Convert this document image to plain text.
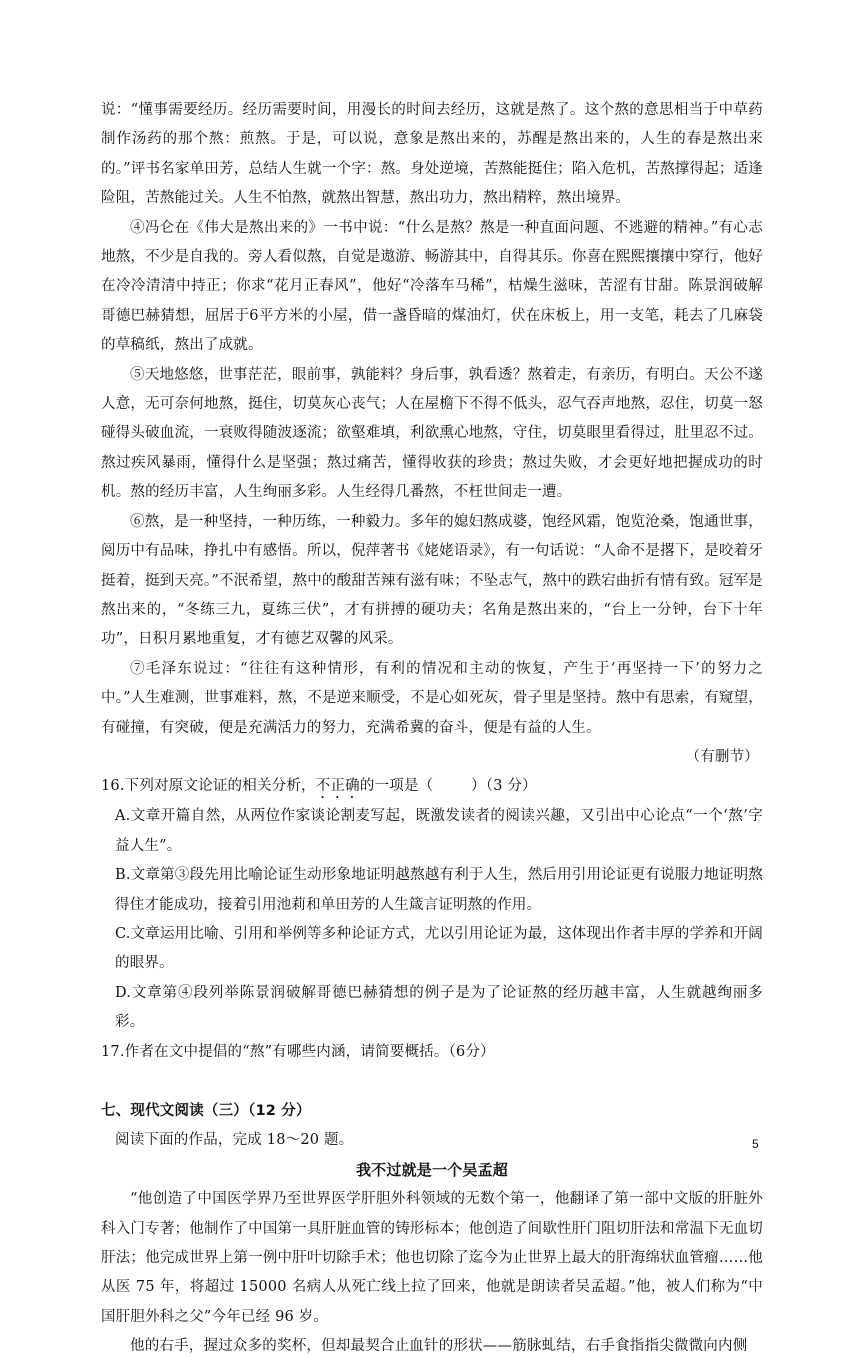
说：“懂事需要经历。经历需要时间，用漫长的时间去经历，这就是熬了。这个熬的意思相当于中草药制作汤药的那个熬：煎熬。于是，可以说，意象是熬出来的，苏醒是熬出来的，人生的春是熬出来的。”评书名家单田芳，总结人生就一个字：熬。身处逆境，苦熬能挺住；陷入危机，苦熬撑得起；适逢险阻，苦熬能过关。人生不怕熬，就熬出智慧，熬出功力，熬出精粹，熬出境界。

④冯仑在《伟大是熬出来的》一书中说：“什么是熬？熬是一种直面问题、不逃避的精神。”有心志地熬，不少是自我的。旁人看似熬，自觉是遨游、畅游其中，自得其乐。你喜在熙熙攘攘中穿行，他好在冷冷清清中持正；你求“花月正春风”，他好“冷落车马稀”，枯燥生滋味，苦涩有甘甜。陈景润破解哥德巴赫猜想，屈居于6平方米的小屋，借一盏昏暗的煤油灯，伏在床板上，用一支笔，耗去了几麻袋的草稿纸，熬出了成就。

⑤天地悠悠，世事茫茫，眼前事，孰能料？身后事，孰看透？熬着走，有亲历，有明白。天公不遂人意，无可奈何地熬，挺住，切莫灰心丧气；人在屋檐下不得不低头，忍气吞声地熬，忍住，切莫一怒碰得头破血流，一衰败得随波逐流；欲壑难填，利欲熏心地熬，守住，切莫眼里看得过，肚里忍不过。熬过疾风暴雨，懂得什么是坚强；熬过痛苦，懂得收获的珍贵；熬过失败，才会更好地把握成功的时机。熬的经历丰富，人生绚丽多彩。人生经得几番熬，不枉世间走一遭。

⑥熬，是一种坚持，一种历练，一种毅力。多年的媳妇熬成婆，饱经风霜，饱览沧桑，饱通世事，阅历中有品味，挣扎中有感悟。所以，倪萍著书《姥姥语录》，有一句话说：“人命不是撂下，是咬着牙挺着，挺到天亮。”不泯希望，熬中的酸甜苦辣有滋有味；不坠志气，熬中的跌宕曲折有情有致。冠军是熬出来的，“冬练三九，夏练三伏”，才有拼搏的硬功夫；名角是熬出来的，“台上一分钟，台下十年功”，日积月累地重复，才有德艺双馨的风采。

⑦毛泽东说过：“往往有这种情形，有利的情况和主动的恢复，产生于‘再坚持一下’的努力之中。”人生难测，世事难料，熬，不是逆来顺受，不是心如死灰，骨子里是坚持。熬中有思索，有窥望，有碰撞，有突破，便是充满活力的努力，充满希冀的奋斗，便是有益的人生。

（有删节）

16.下列对原文论证的相关分析，不正确的一项是（	）（3 分）

A.文章开篇自然，从两位作家谈论割麦写起，既激发读者的阅读兴趣，又引出中心论点“一个‘熬’字益人生”。

B.文章第③段先用比喻论证生动形象地证明越熬越有利于人生，然后用引用论证更有说服力地证明熬得住才能成功，接着引用池莉和单田芳的人生箴言证明熬的作用。

C.文章运用比喻、引用和举例等多种论证方式，尤以引用论证为最，这体现出作者丰厚的学养和开阔的眼界。

D.文章第④段列举陈景润破解哥德巴赫猜想的例子是为了论证熬的经历越丰富，人生就越绚丽多彩。

17.作者在文中提倡的“熬”有哪些内涵，请简要概括。（6分）

七、现代文阅读（三）（12 分）

阅读下面的作品，完成 18～20 题。

我不过就是一个吴孟超

“他创造了中国医学界乃至世界医学肝胆外科领域的无数个第一，他翻译了第一部中文版的肝脏外科入门专著；他制作了中国第一具肝脏血管的铸形标本；他创造了间歇性肝门阻切肝法和常温下无血切肝法；他完成世界上第一例中肝叶切除手术；他也切除了迄今为止世界上最大的肝海绵状血管瘤……他从医 75 年，将超过 15000 名病人从死亡线上拉了回来，他就是朗读者吴孟超。”他，被人们称为“中国肝胆外科之父”今年已经 96 岁。

他的右手，握过众多的奖杯，但却最契合止血针的形状——筋脉虬结，右手食指指尖微微向内侧

5
